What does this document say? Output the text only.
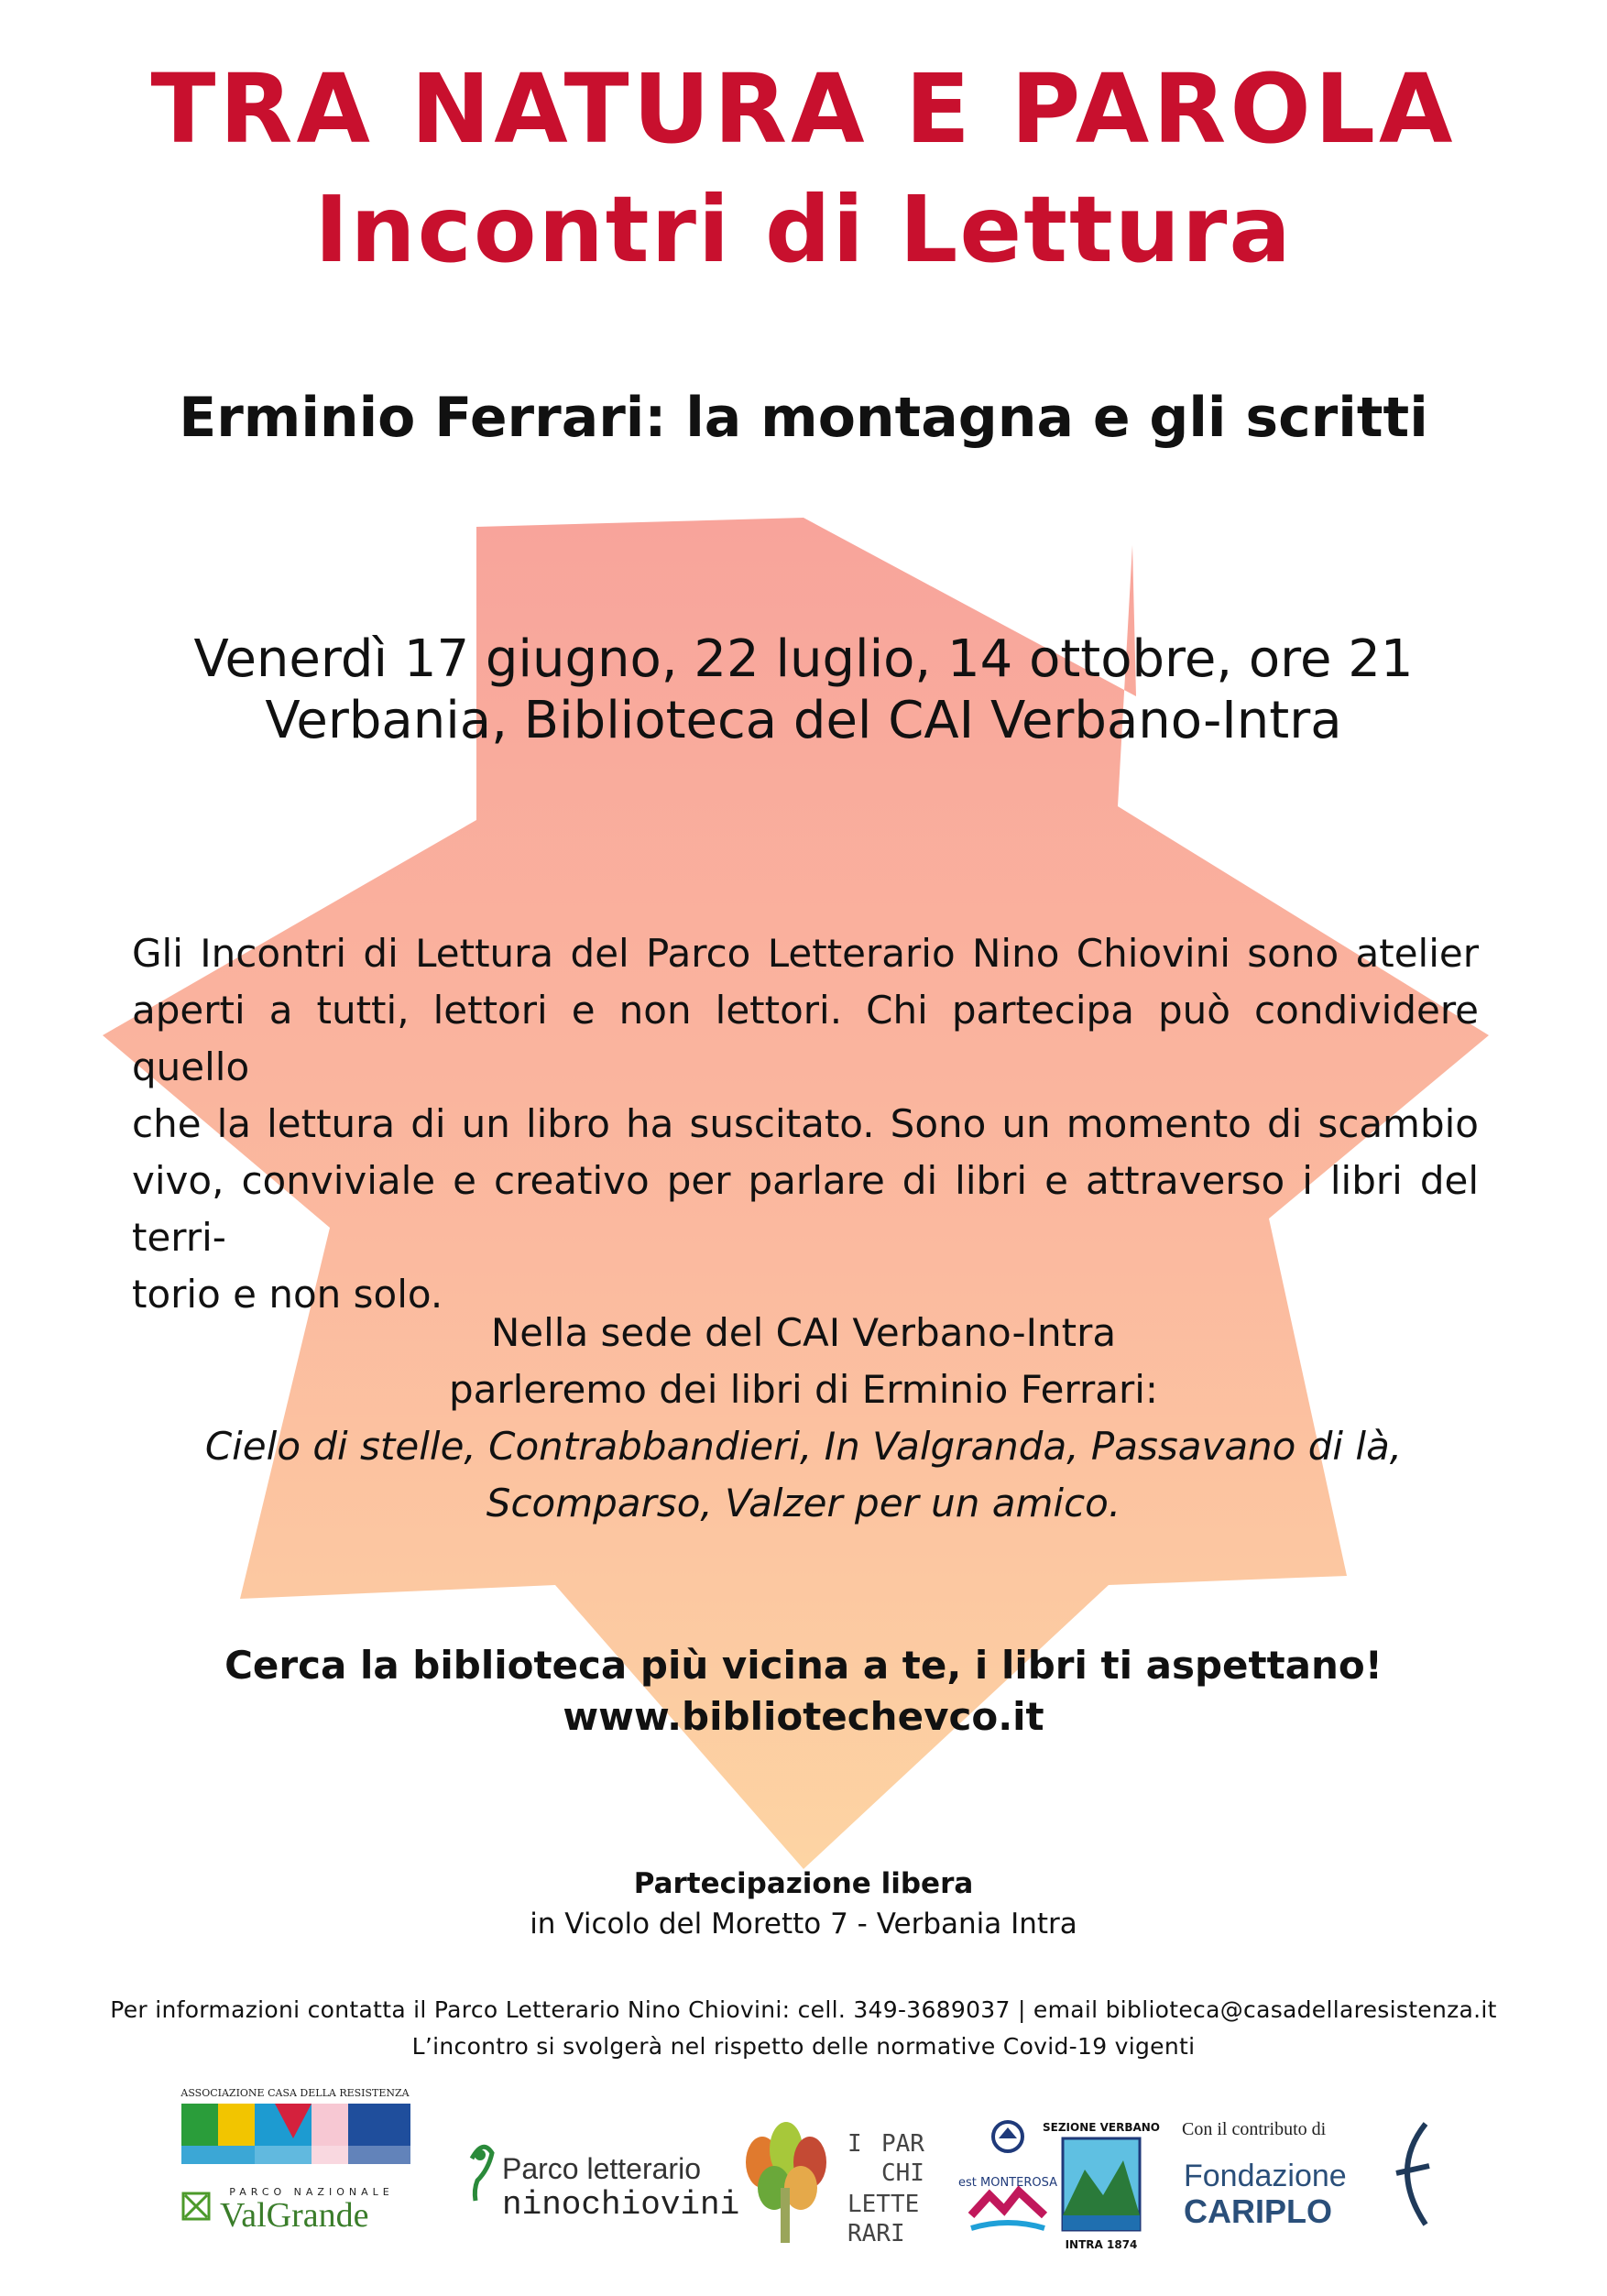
TRA NATURA E PAROLA
Incontri di Lettura
Erminio Ferrari: la montagna e gli scritti
Venerdì 17 giugno, 22 luglio, 14 ottobre, ore 21
Verbania, Biblioteca del CAI Verbano-Intra
Gli Incontri di Lettura del Parco Letterario Nino Chiovini sono atelier
aperti a tutti, lettori e non lettori. Chi partecipa può condividere quello
che la lettura di un libro ha suscitato. Sono un momento di scambio
vivo, conviviale e creativo per parlare di libri e attraverso i libri del terri-
torio e non solo.
Nella sede del CAI Verbano-Intra
parleremo dei libri di Erminio Ferrari:
Cielo di stelle, Contrabbandieri, In Valgranda, Passavano di là,
Scomparso, Valzer per un amico.
Cerca la biblioteca più vicina a te, i libri ti aspettano!
www.bibliotechevco.it
Partecipazione libera
in Vicolo del Moretto 7 - Verbania Intra
Per informazioni contatta il Parco Letterario Nino Chiovini: cell. 349-3689037 | email biblioteca@casadellaresistenza.it
L’incontro si svolgerà nel rispetto delle normative Covid-19 vigenti
ASSOCIAZIONE CASA DELLA RESISTENZA
PARCO NAZIONALE
ValGrande
Parco letterario
ninochiovini
I PAR
CHI
LETTE
RARI
est MONTEROSA
SEZIONE VERBANO
INTRA 1874
Con il contributo di
Fondazione
CARIPLO
